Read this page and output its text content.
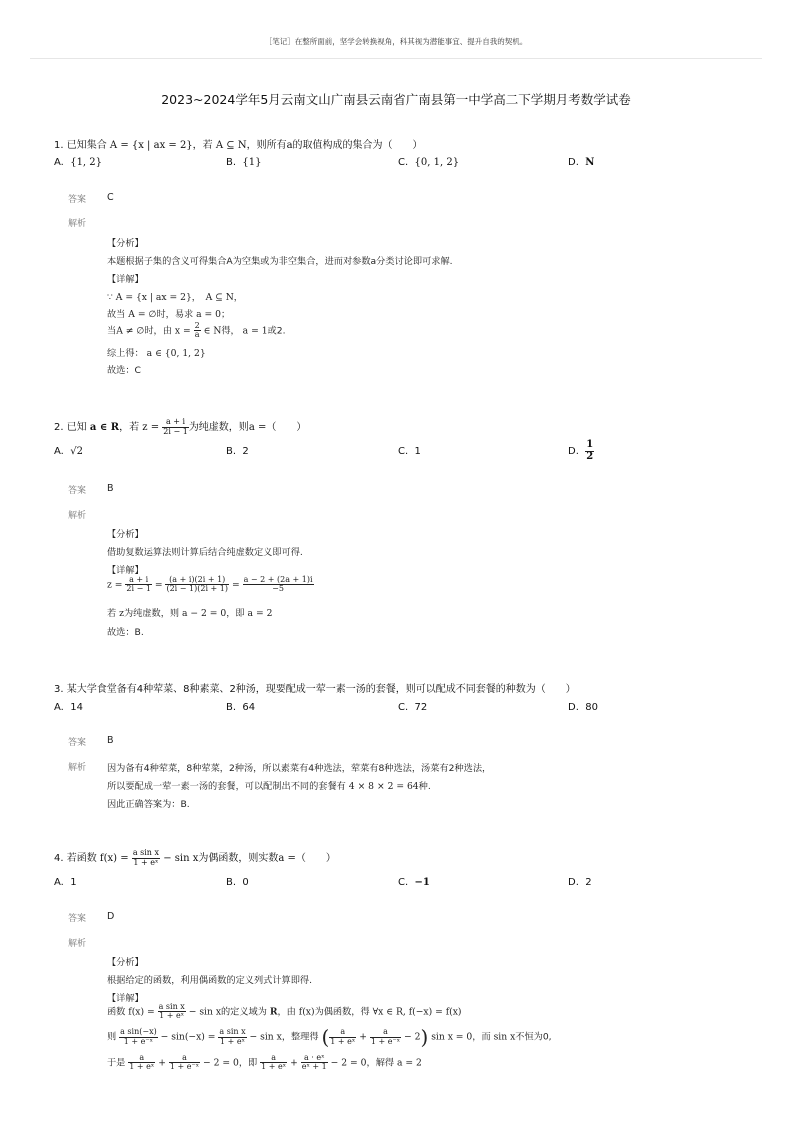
［笔记］在整所面前，坚学会转换视角，科其视为潜能事宜、提升自我的契机。
2023~2024学年5月云南文山广南县云南省广南县第一中学高二下学期月考数学试卷
1. 已知集合 A = {x | ax = 2}，若 A ⊆ N，则所有a的取值构成的集合为（　　）
A. {1, 2}	B. {1}	C. {0, 1, 2}	D. N
答案 C
解析
【分析】
本题根据子集的含义可得集合A为空集或为非空集合，进而对参数a分类讨论即可求解.
【详解】
∵ A = {x | ax = 2}，　A ⊆ N，
故当 A = ∅时，易求 a = 0；
当A ≠ ∅时，由 $x = \frac{2}{a}$ ∈ N得， a = 1或2.
综上得： a ∈ {0, 1, 2}
故选：C
2. 已知 a ∈ R，若 $z = \frac{a + i}{2i - 1}$ 为纯虚数，则a =（　　）
A. √2	B. 2	C. 1	D. $\frac{1}{2}$
答案 B
解析
【分析】
借助复数运算法则计算后结合纯虚数定义即可得.
【详解】
$z = \frac{a + i}{2i - 1} = \frac{(a + i)(2i + 1)}{(2i - 1)(2i + 1)} = \frac{a - 2 + (2a + 1)i}{-5}$
若 z为纯虚数，则 a − 2 = 0，即 a = 2
故选：B.
3. 某大学食堂备有4种荤菜、8种素菜、2种汤，现要配成一荤一素一汤的套餐，则可以配成不同套餐的种数为（　　）
A. 14	B. 64	C. 72	D. 80
答案 B
解析 因为备有4种荤菜，8种荤菜，2种汤，所以素菜有4种选法，荤菜有8种选法，汤菜有2种选法，
所以要配成一荤一素一汤的套餐，可以配制出不同的套餐有 4 × 8 × 2 = 64种.
因此正确答案为：B.
4. 若函数 $f(x) = \frac{\text{a sin x}}{\text{1 + eˣ}} - \sin x$为偶函数，则实数a =（　　）
A. 1	B. 0	C. −1	D. 2
答案 D
解析
【分析】
根据给定的函数，利用偶函数的定义列式计算即得.
【详解】
函数 $f(x) = \frac{\text{a sin x}}{\text{1 + eˣ}} - \sin x$的定义域为 R，由 f(x)为偶函数，得 ∀x ∈ R, f(−x) = f(x)
则 $\frac{\text{a sin(−x)}}{\text{1 + e⁻ˣ}} - \sin(-x) = \frac{\text{a sin x}}{\text{1 + eˣ}} - \sin x$，整理得 ( $\frac{a}{\text{1 + eˣ}} + \frac{a}{\text{1 + e⁻ˣ}} - 2$) sin x = 0，而 sin x不恒为0,
于是 $\frac{a}{\text{1 + eˣ}} + \frac{a}{\text{1 + e⁻ˣ}} - 2 = 0$，即 $\frac{a}{\text{1 + eˣ}} + \frac{\text{a · eˣ}}{\text{eˣ + 1}} - 2 = 0$，解得 a = 2
